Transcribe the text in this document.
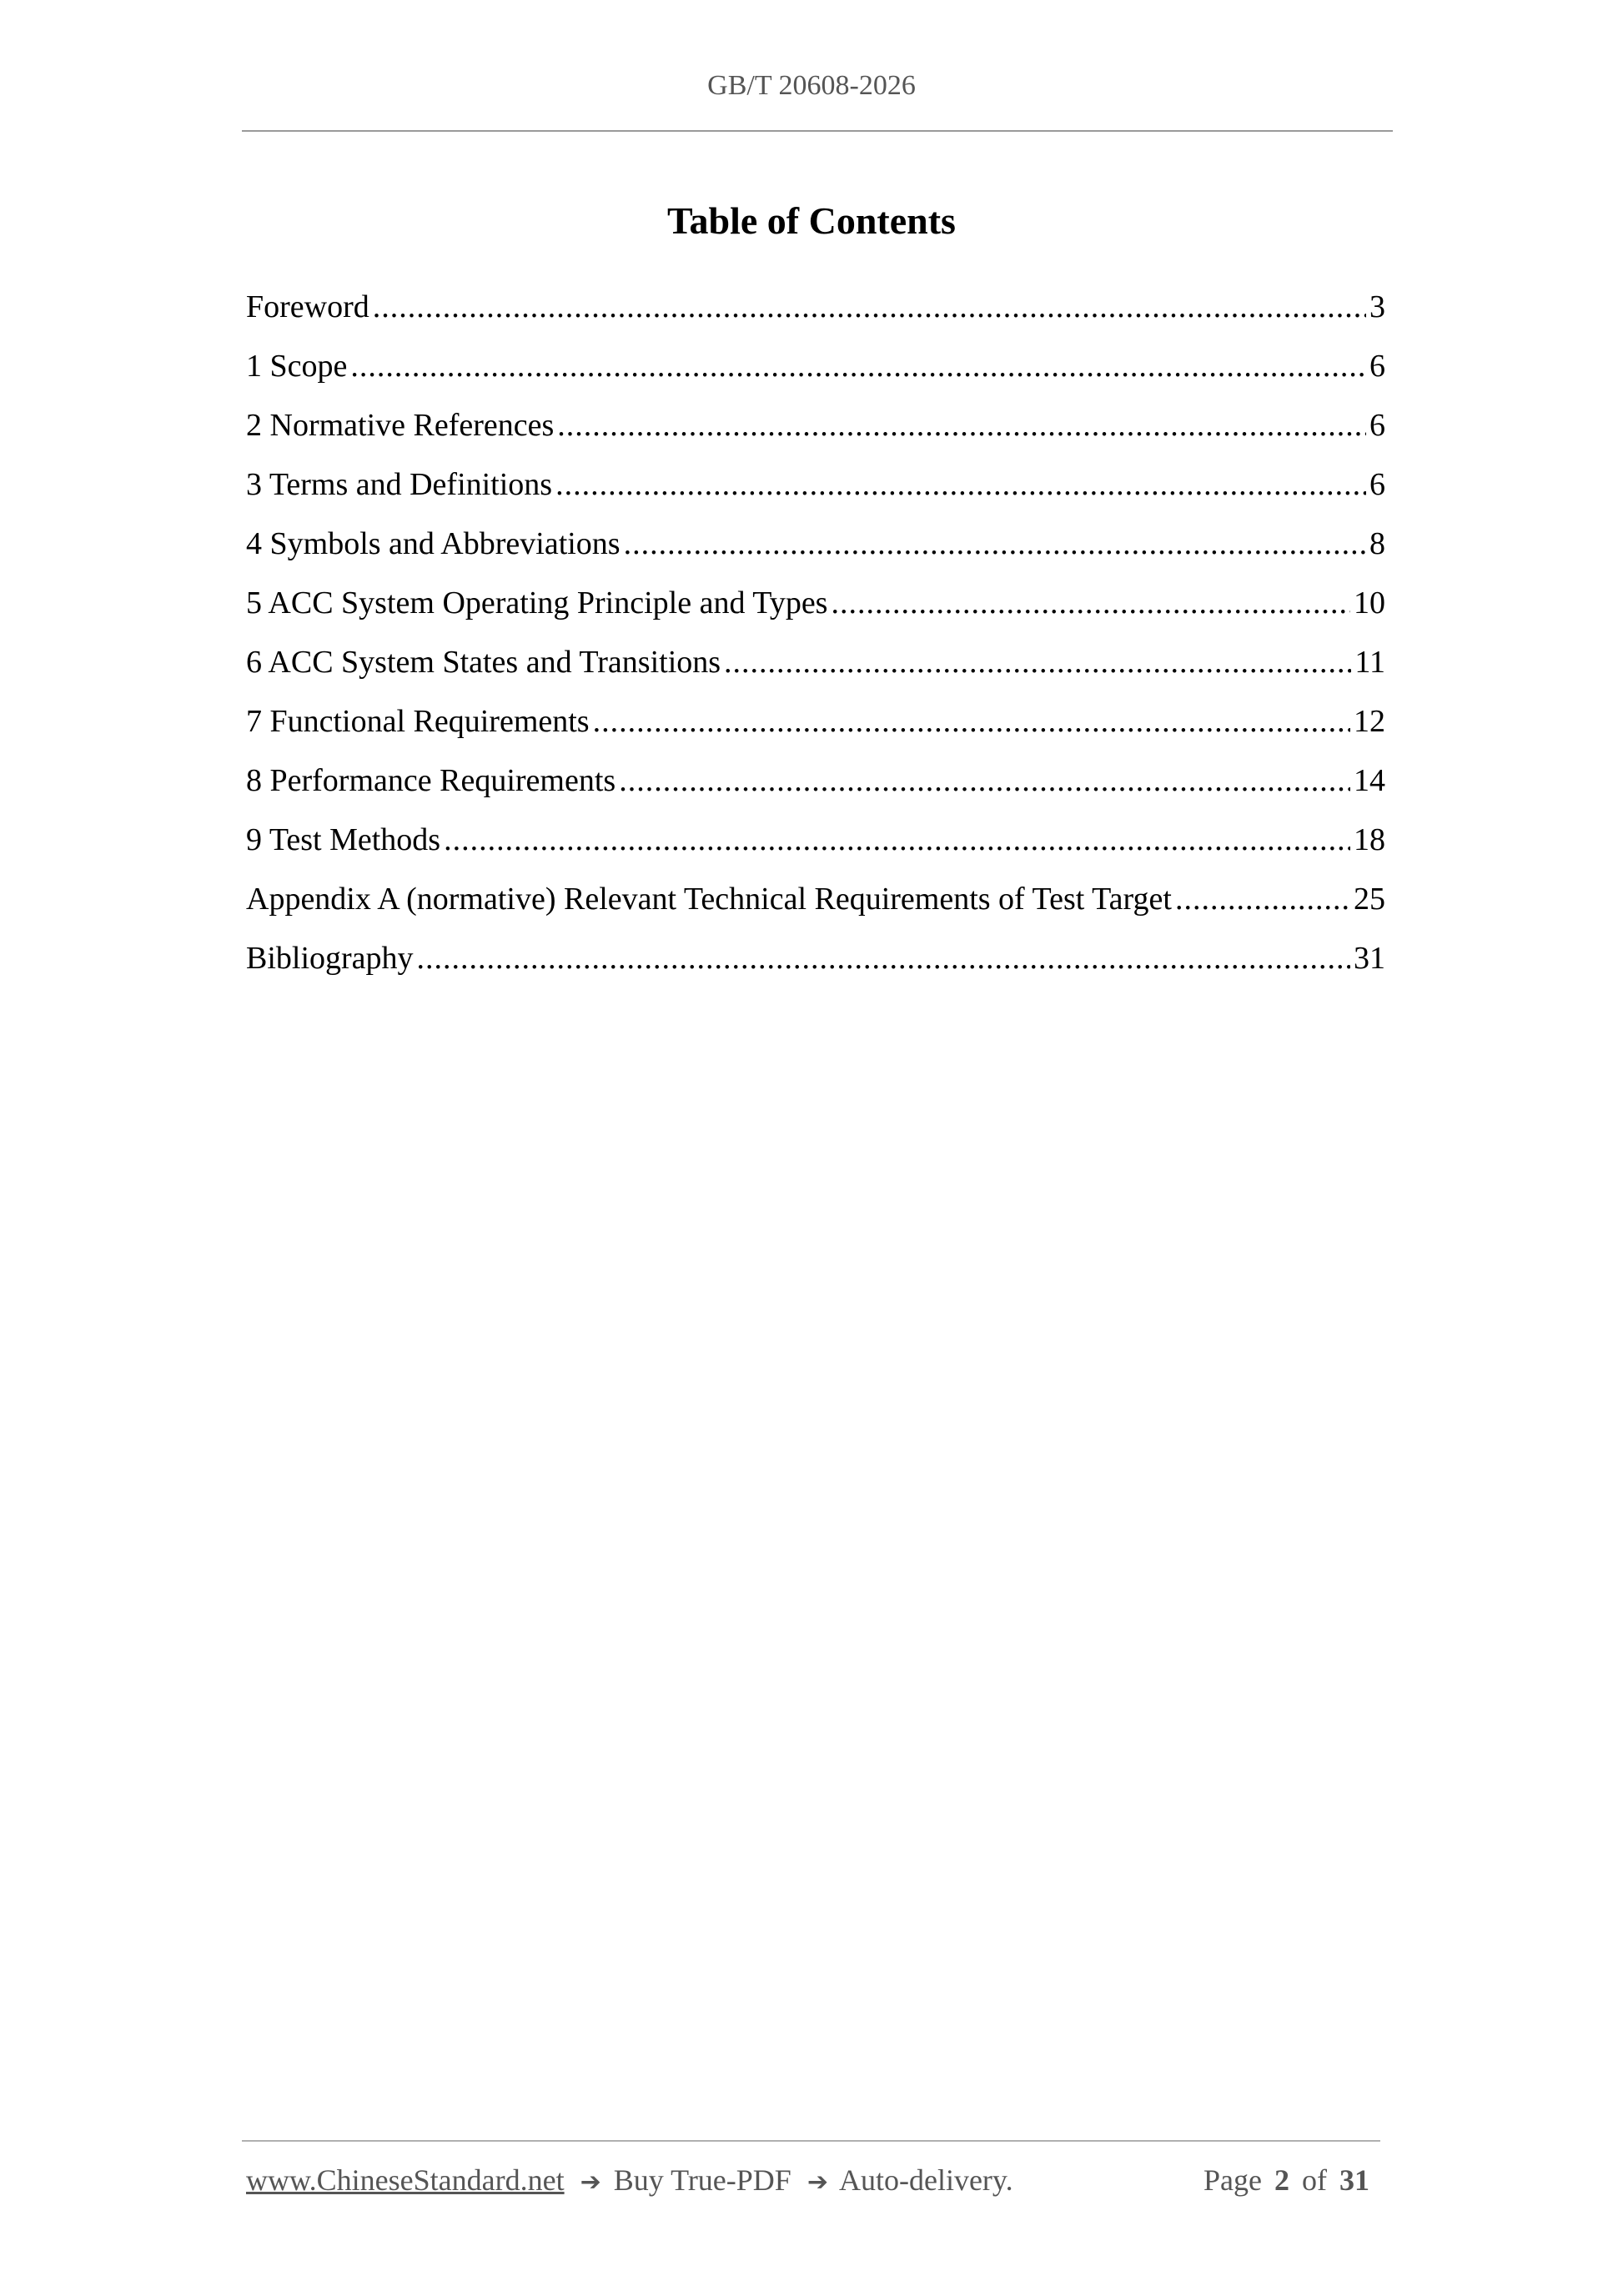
GB/T 20608-2026
Table of Contents
Foreword .....	3
1 Scope .....	6
2 Normative References .....	6
3 Terms and Definitions .....	6
4 Symbols and Abbreviations .....	8
5 ACC System Operating Principle and Types .....	10
6 ACC System States and Transitions .....	11
7 Functional Requirements .....	12
8 Performance Requirements .....	14
9 Test Methods .....	18
Appendix A (normative) Relevant Technical Requirements of Test Target .....	25
Bibliography .....	31
www.ChineseStandard.net ➔ Buy True-PDF ➔ Auto-delivery.	Page 2 of 31
